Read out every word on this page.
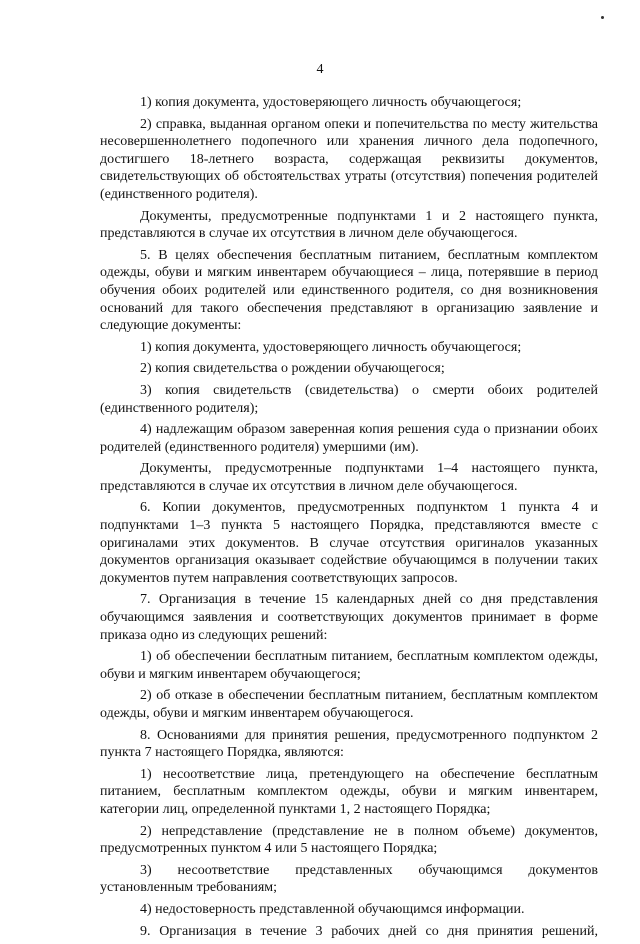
4

1) копия документа, удостоверяющего личность обучающегося;

2) справка, выданная органом опеки и попечительства по месту жительства несовершеннолетнего подопечного или хранения личного дела подопечного, достигшего 18-летнего возраста, содержащая реквизиты документов, свидетельствующих об обстоятельствах утраты (отсутствия) попечения родителей (единственного родителя).

Документы, предусмотренные подпунктами 1 и 2 настоящего пункта, представляются в случае их отсутствия в личном деле обучающегося.

5. В целях обеспечения бесплатным питанием, бесплатным комплектом одежды, обуви и мягким инвентарем обучающиеся – лица, потерявшие в период обучения обоих родителей или единственного родителя, со дня возникновения оснований для такого обеспечения представляют в организацию заявление и следующие документы:

1) копия документа, удостоверяющего личность обучающегося;

2) копия свидетельства о рождении обучающегося;

3) копия свидетельств (свидетельства) о смерти обоих родителей (единственного родителя);

4) надлежащим образом заверенная копия решения суда о признании обоих родителей (единственного родителя) умершими (им).

Документы, предусмотренные подпунктами 1–4 настоящего пункта, представляются в случае их отсутствия в личном деле обучающегося.

6. Копии документов, предусмотренных подпунктом 1 пункта 4 и подпунктами 1–3 пункта 5 настоящего Порядка, представляются вместе с оригиналами этих документов. В случае отсутствия оригиналов указанных документов организация оказывает содействие обучающимся в получении таких документов путем направления соответствующих запросов.

7. Организация в течение 15 календарных дней со дня представления обучающимся заявления и соответствующих документов принимает в форме приказа одно из следующих решений:

1) об обеспечении бесплатным питанием, бесплатным комплектом одежды, обуви и мягким инвентарем обучающегося;

2) об отказе в обеспечении бесплатным питанием, бесплатным комплектом одежды, обуви и мягким инвентарем обучающегося.

8. Основаниями для принятия решения, предусмотренного подпунктом 2 пункта 7 настоящего Порядка, являются:

1) несоответствие лица, претендующего на обеспечение бесплатным питанием, бесплатным комплектом одежды, обуви и мягким инвентарем, категории лиц, определенной пунктами 1, 2 настоящего Порядка;

2) непредставление (представление не в полном объеме) документов, предусмотренных пунктом 4 или 5 настоящего Порядка;

3) несоответствие представленных обучающимся документов установленным требованиям;

4) недостоверность представленной обучающимся информации.

9. Организация в течение 3 рабочих дней со дня принятия решений,
